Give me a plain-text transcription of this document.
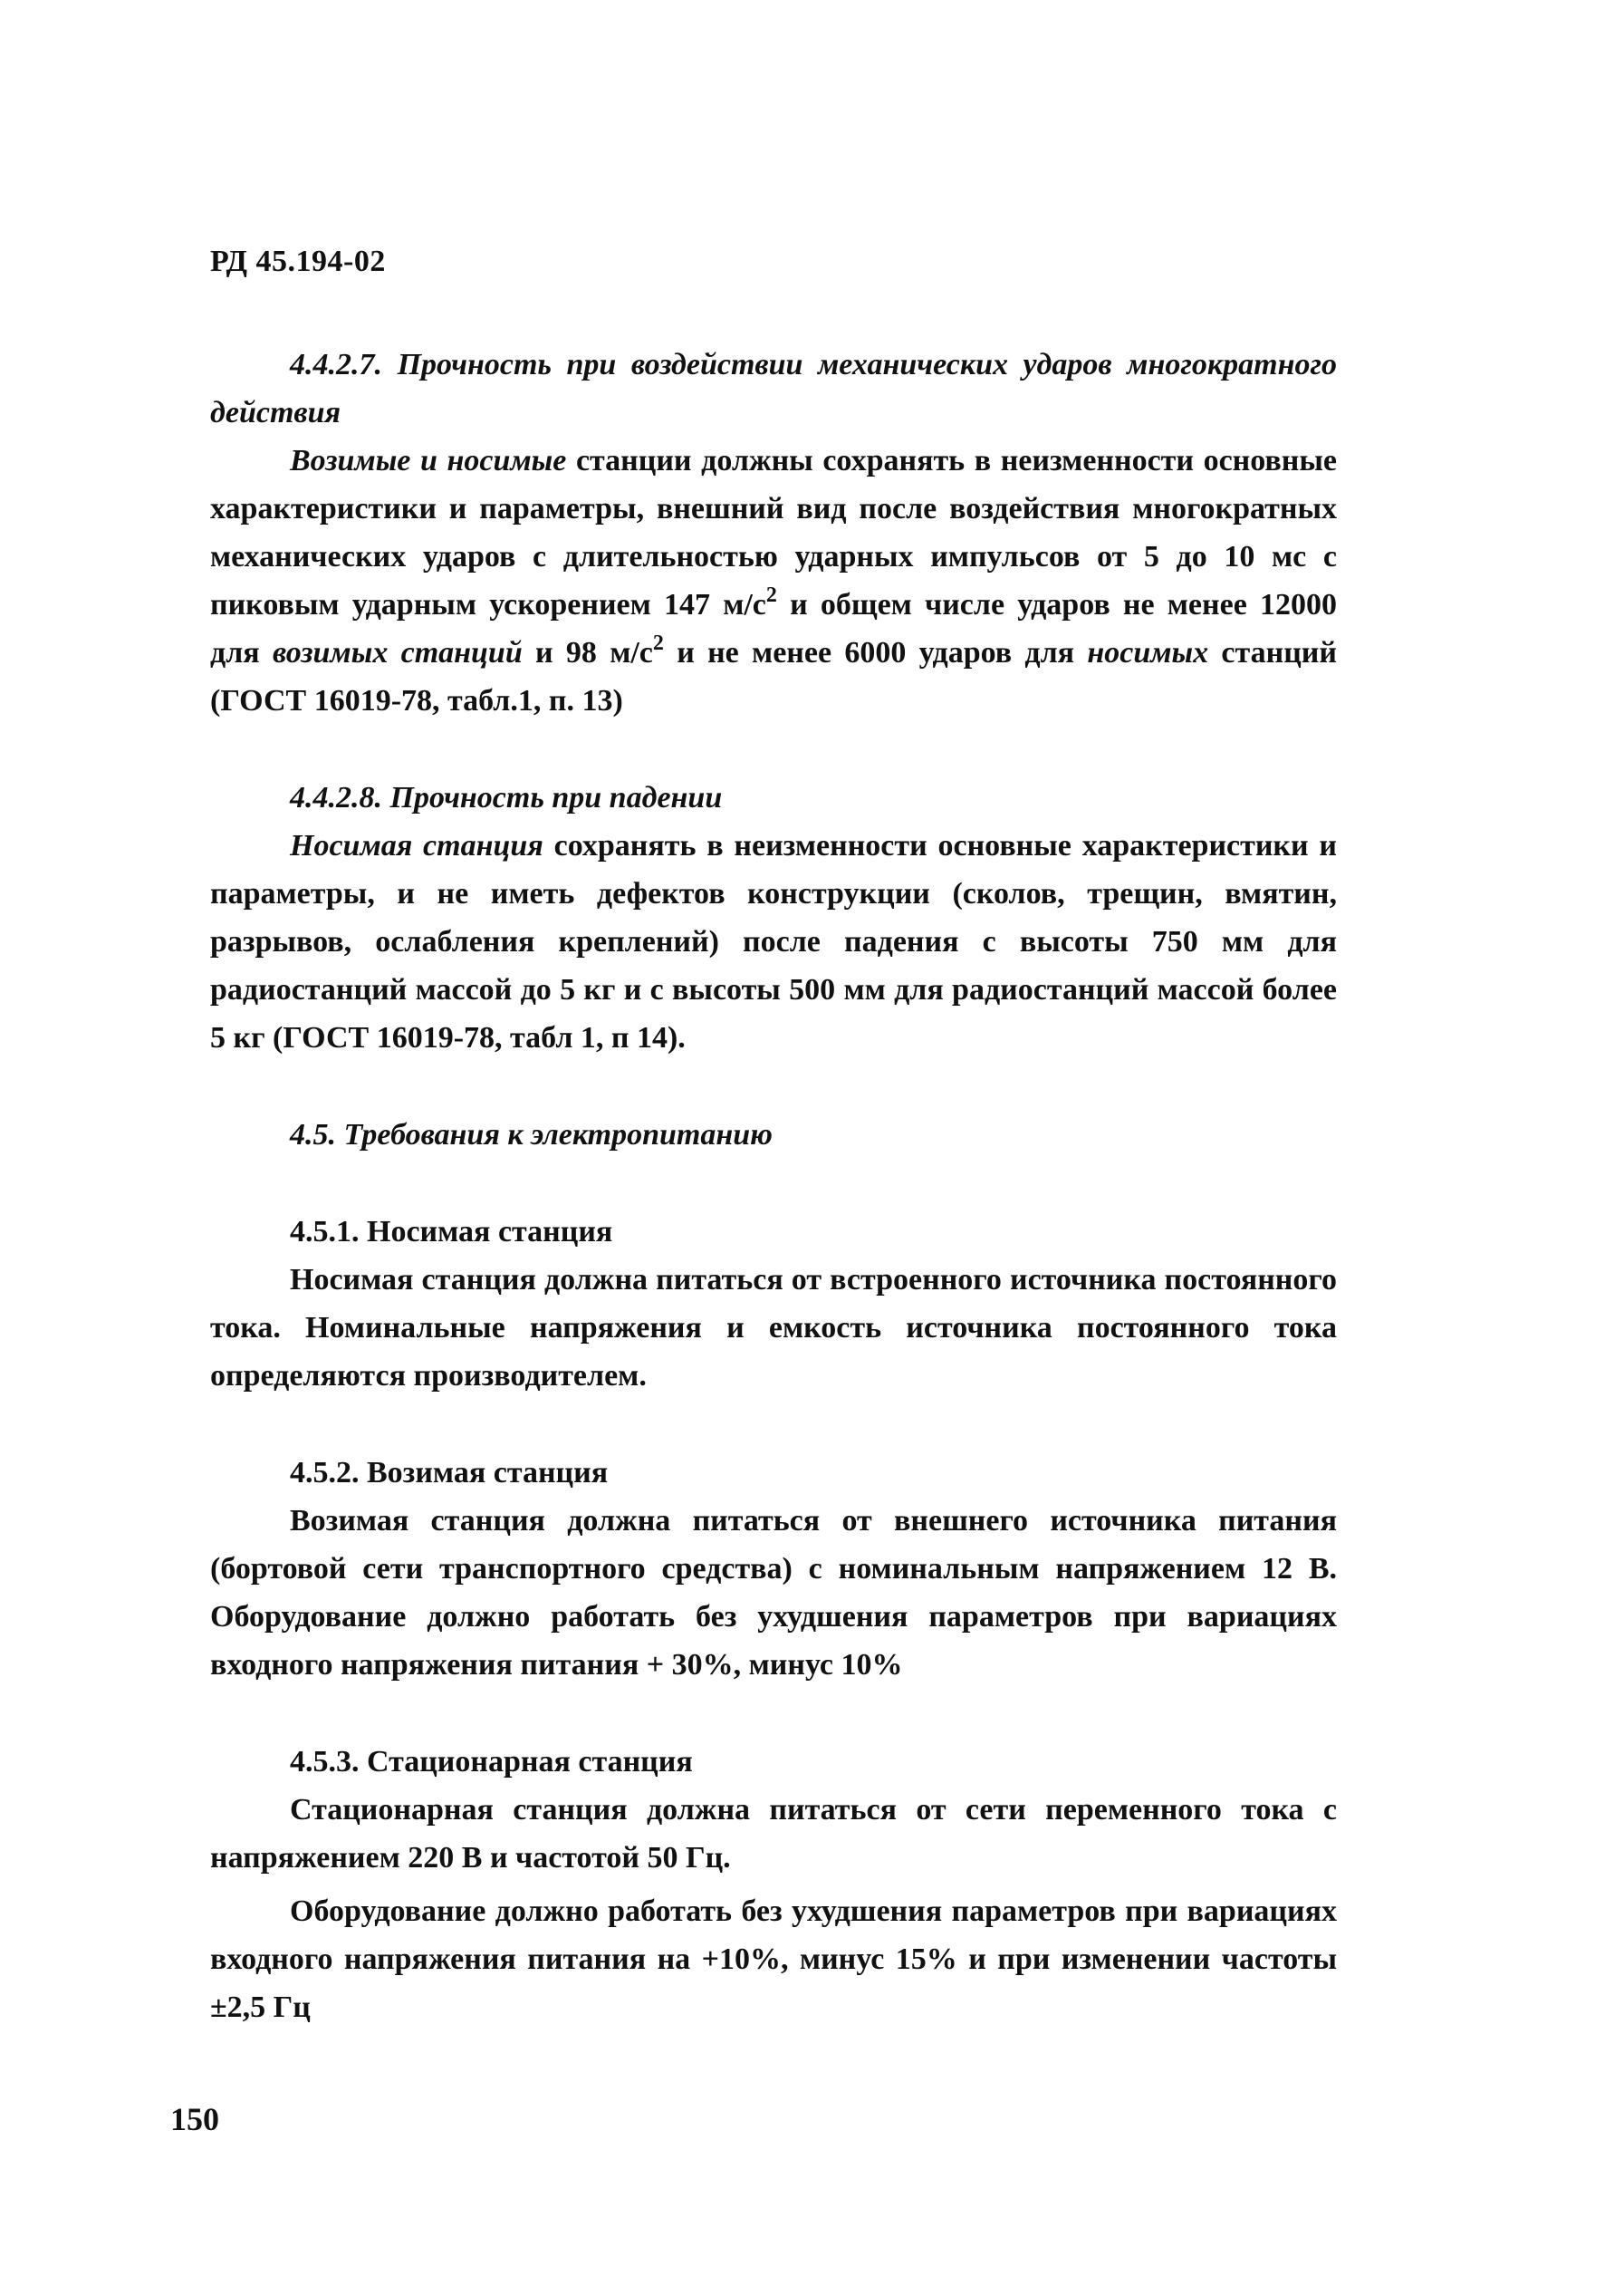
РД 45.194-02

4.4.2.7. Прочность при воздействии механических ударов многократного действия

Возимые и носимые станции должны сохранять в неизменности основные характеристики и параметры, внешний вид после воздействия многократных механических ударов с длительностью ударных импульсов от 5 до 10 мс с пиковым ударным ускорением 147 $м/с^2$ и общем числе ударов не менее 12000 для возимых станций и 98 $м/с^2$ и не менее 6000 ударов для носимых станций (ГОСТ 16019-78, табл.1, п. 13)

4.4.2.8. Прочность при падении

Носимая станция сохранять в неизменности основные характеристики и параметры, и не иметь дефектов конструкции (сколов, трещин, вмятин, разрывов, ослабления креплений) после падения с высоты 750 мм для радиостанций массой до 5 кг и с высоты 500 мм для радиостанций массой более 5 кг (ГОСТ 16019-78, табл 1, п 14).

4.5. Требования к электропитанию

4.5.1. Носимая станция

Носимая станция должна питаться от встроенного источника постоянного тока. Номинальные напряжения и емкость источника постоянного тока определяются производителем.

4.5.2. Возимая станция

Возимая станция должна питаться от внешнего источника питания (бортовой сети транспортного средства) с номинальным напряжением 12 В. Оборудование должно работать без ухудшения параметров при вариациях входного напряжения питания + 30%, минус 10%

4.5.3. Стационарная станция

Стационарная станция должна питаться от сети переменного тока с напряжением 220 В и частотой 50 Гц.

Оборудование должно работать без ухудшения параметров при вариациях входного напряжения питания на +10%, минус 15% и при изменении частоты ±2,5 Гц

150
